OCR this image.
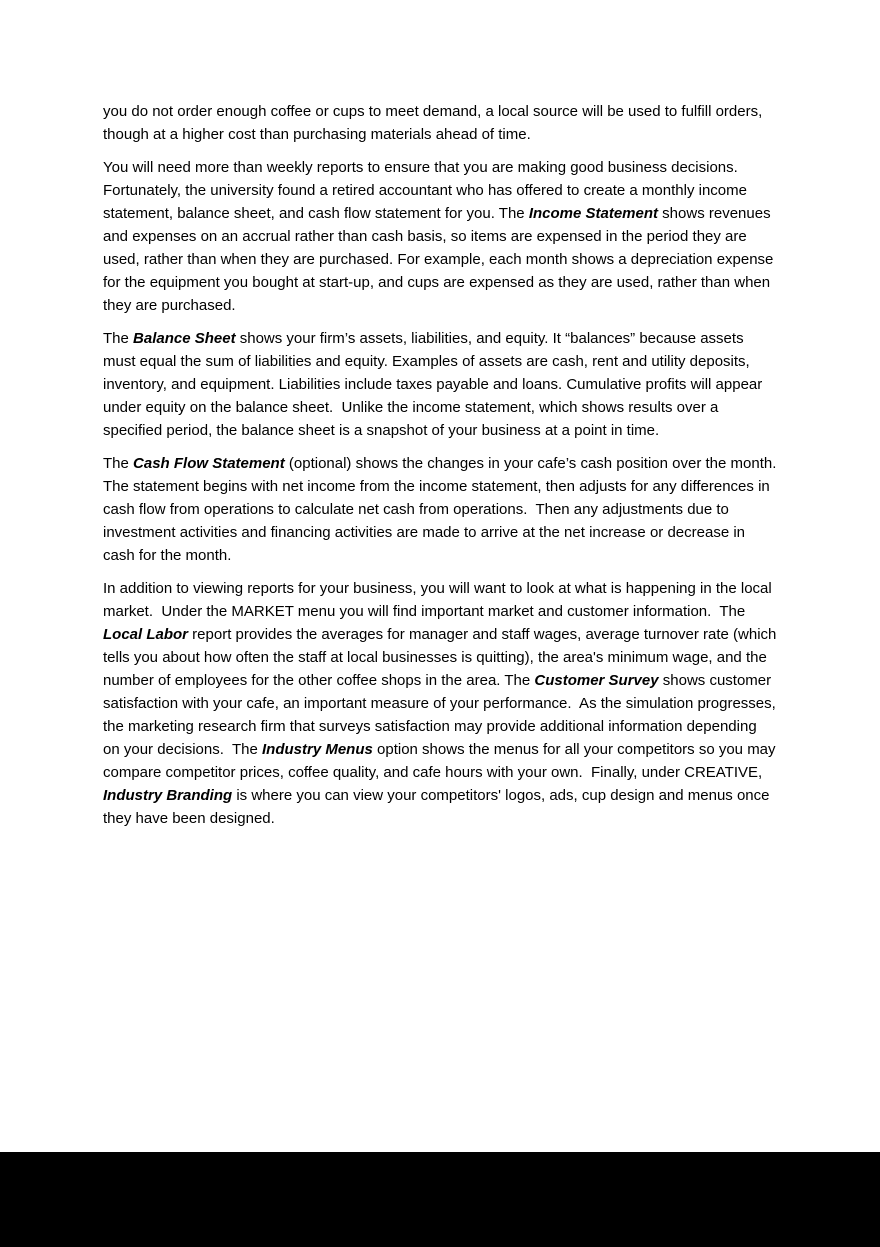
you do not order enough coffee or cups to meet demand, a local source will be used to fulfill orders, though at a higher cost than purchasing materials ahead of time.

You will need more than weekly reports to ensure that you are making good business decisions. Fortunately, the university found a retired accountant who has offered to create a monthly income statement, balance sheet, and cash flow statement for you. The Income Statement shows revenues and expenses on an accrual rather than cash basis, so items are expensed in the period they are used, rather than when they are purchased. For example, each month shows a depreciation expense for the equipment you bought at start-up, and cups are expensed as they are used, rather than when they are purchased.

The Balance Sheet shows your firm’s assets, liabilities, and equity. It “balances” because assets must equal the sum of liabilities and equity. Examples of assets are cash, rent and utility deposits, inventory, and equipment. Liabilities include taxes payable and loans. Cumulative profits will appear under equity on the balance sheet.  Unlike the income statement, which shows results over a specified period, the balance sheet is a snapshot of your business at a point in time.

The Cash Flow Statement (optional) shows the changes in your cafe’s cash position over the month.  The statement begins with net income from the income statement, then adjusts for any differences in cash flow from operations to calculate net cash from operations.  Then any adjustments due to investment activities and financing activities are made to arrive at the net increase or decrease in cash for the month.

In addition to viewing reports for your business, you will want to look at what is happening in the local market.  Under the MARKET menu you will find important market and customer information.  The Local Labor report provides the averages for manager and staff wages, average turnover rate (which tells you about how often the staff at local businesses is quitting), the area's minimum wage, and the number of employees for the other coffee shops in the area. The Customer Survey shows customer satisfaction with your cafe, an important measure of your performance.  As the simulation progresses, the marketing research firm that surveys satisfaction may provide additional information depending on your decisions.  The Industry Menus option shows the menus for all your competitors so you may compare competitor prices, coffee quality, and cafe hours with your own.  Finally, under CREATIVE, Industry Branding is where you can view your competitors' logos, ads, cup design and menus once they have been designed.
